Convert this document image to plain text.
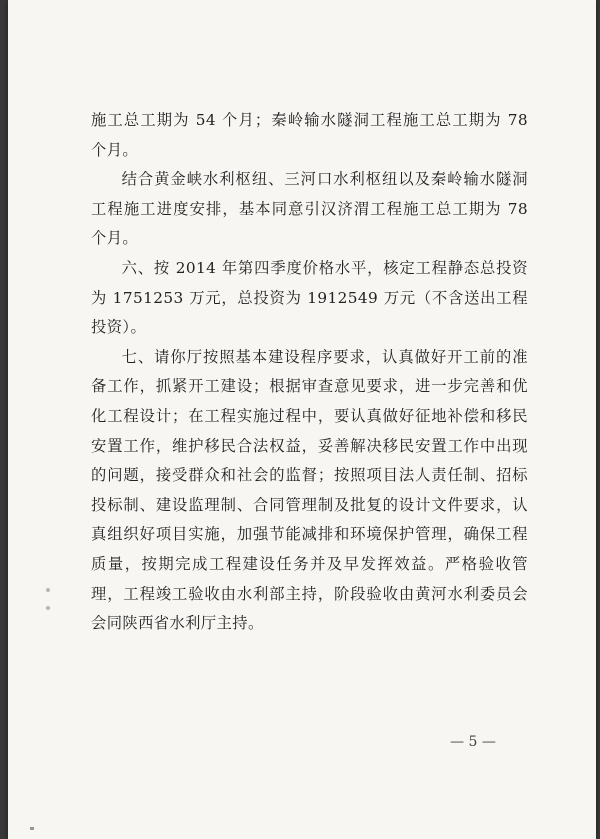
施工总工期为 54 个月；秦岭输水隧洞工程施工总工期为 78 个月。

结合黄金峡水利枢纽、三河口水利枢纽以及秦岭输水隧洞工程施工进度安排，基本同意引汉济渭工程施工总工期为 78 个月。

六、按 2014 年第四季度价格水平，核定工程静态总投资为 1751253 万元，总投资为 1912549 万元（不含送出工程投资）。

七、请你厅按照基本建设程序要求，认真做好开工前的准备工作，抓紧开工建设；根据审查意见要求，进一步完善和优化工程设计；在工程实施过程中，要认真做好征地补偿和移民安置工作，维护移民合法权益，妥善解决移民安置工作中出现的问题，接受群众和社会的监督；按照项目法人责任制、招标投标制、建设监理制、合同管理制及批复的设计文件要求，认真组织好项目实施，加强节能减排和环境保护管理，确保工程质量，按期完成工程建设任务并及早发挥效益。严格验收管理，工程竣工验收由水利部主持，阶段验收由黄河水利委员会会同陕西省水利厅主持。

— 5 —
